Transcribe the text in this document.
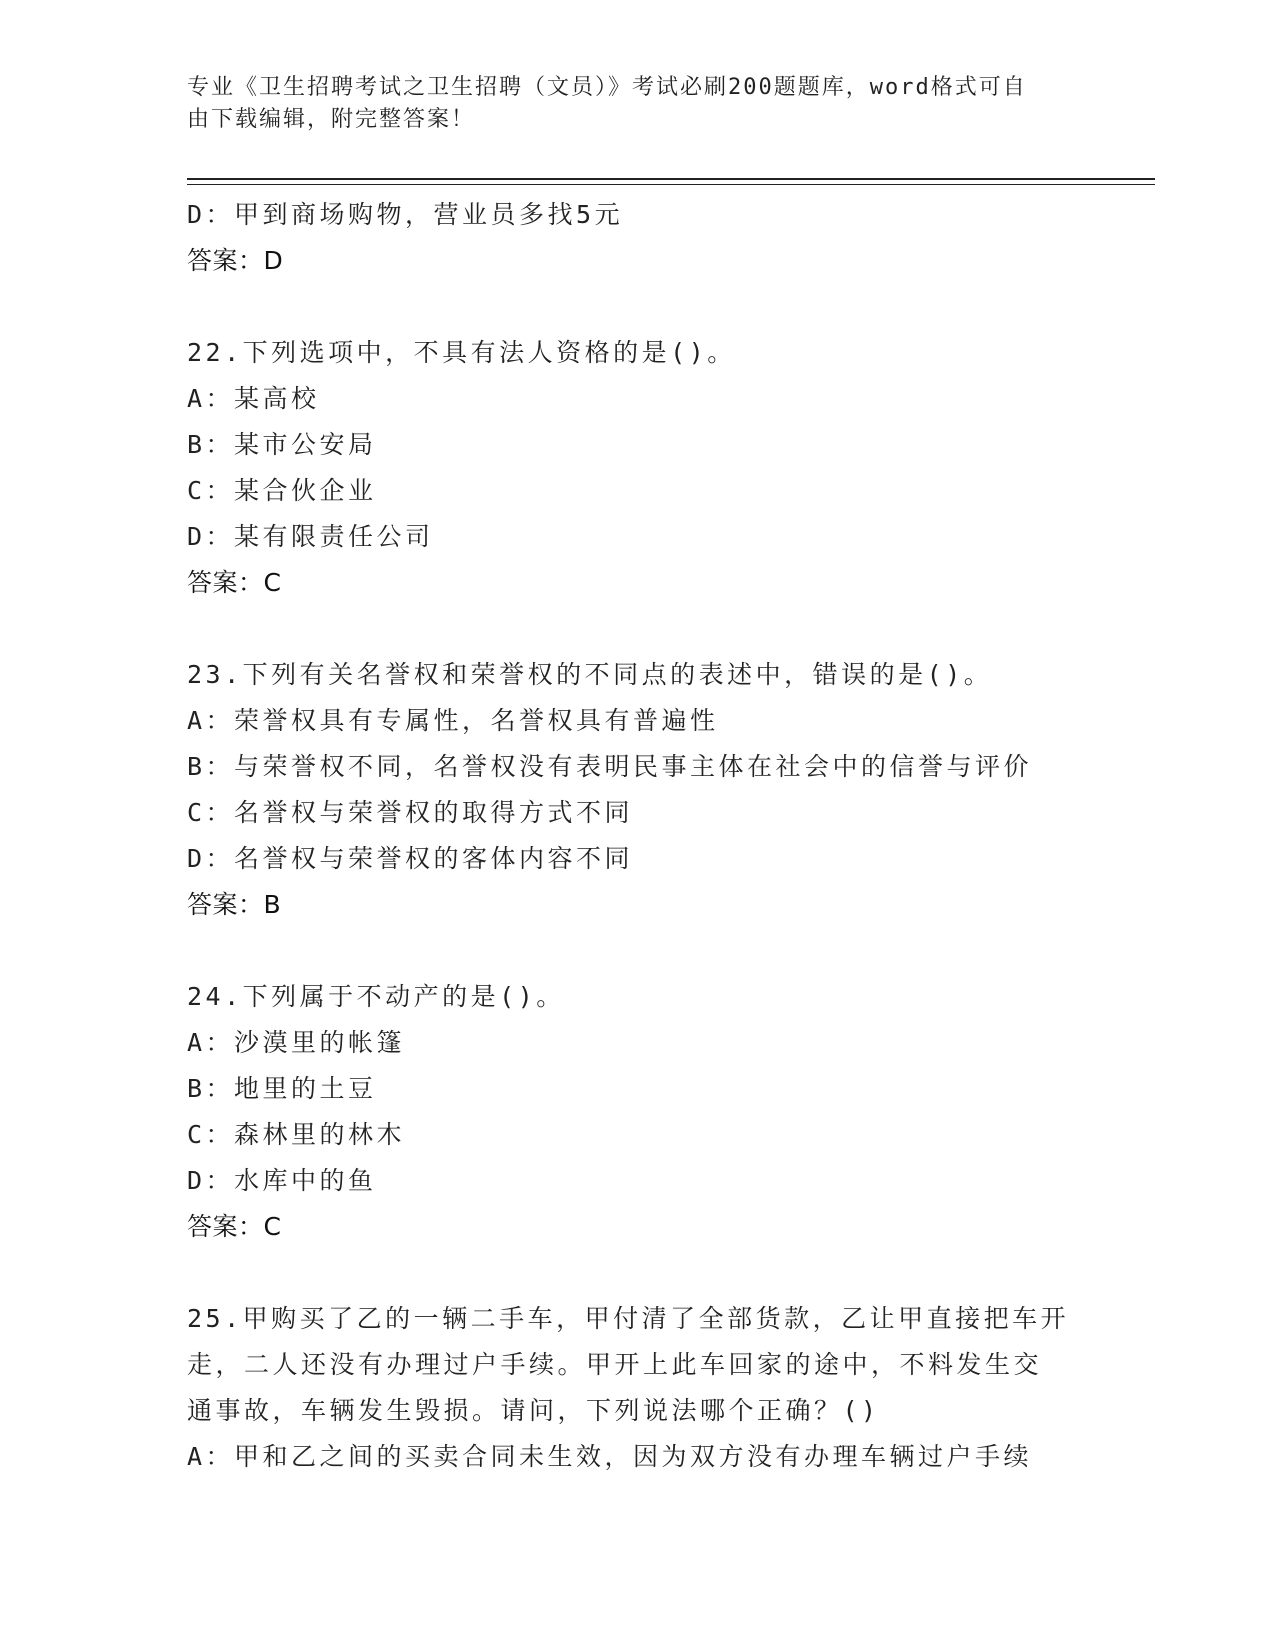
专业《卫生招聘考试之卫生招聘（文员）》考试必刷200题题库，word格式可自
由下载编辑，附完整答案！
D：甲到商场购物，营业员多找5元
答案：D
22.下列选项中，不具有法人资格的是()。
A：某高校
B：某市公安局
C：某合伙企业
D：某有限责任公司
答案：C
23.下列有关名誉权和荣誉权的不同点的表述中，错误的是()。
A：荣誉权具有专属性，名誉权具有普遍性
B：与荣誉权不同，名誉权没有表明民事主体在社会中的信誉与评价
C：名誉权与荣誉权的取得方式不同
D：名誉权与荣誉权的客体内容不同
答案：B
24.下列属于不动产的是()。
A：沙漠里的帐篷
B：地里的土豆
C：森林里的林木
D：水库中的鱼
答案：C
25.甲购买了乙的一辆二手车，甲付清了全部货款，乙让甲直接把车开
走，二人还没有办理过户手续。甲开上此车回家的途中，不料发生交
通事故，车辆发生毁损。请问，下列说法哪个正确？()
A：甲和乙之间的买卖合同未生效，因为双方没有办理车辆过户手续
